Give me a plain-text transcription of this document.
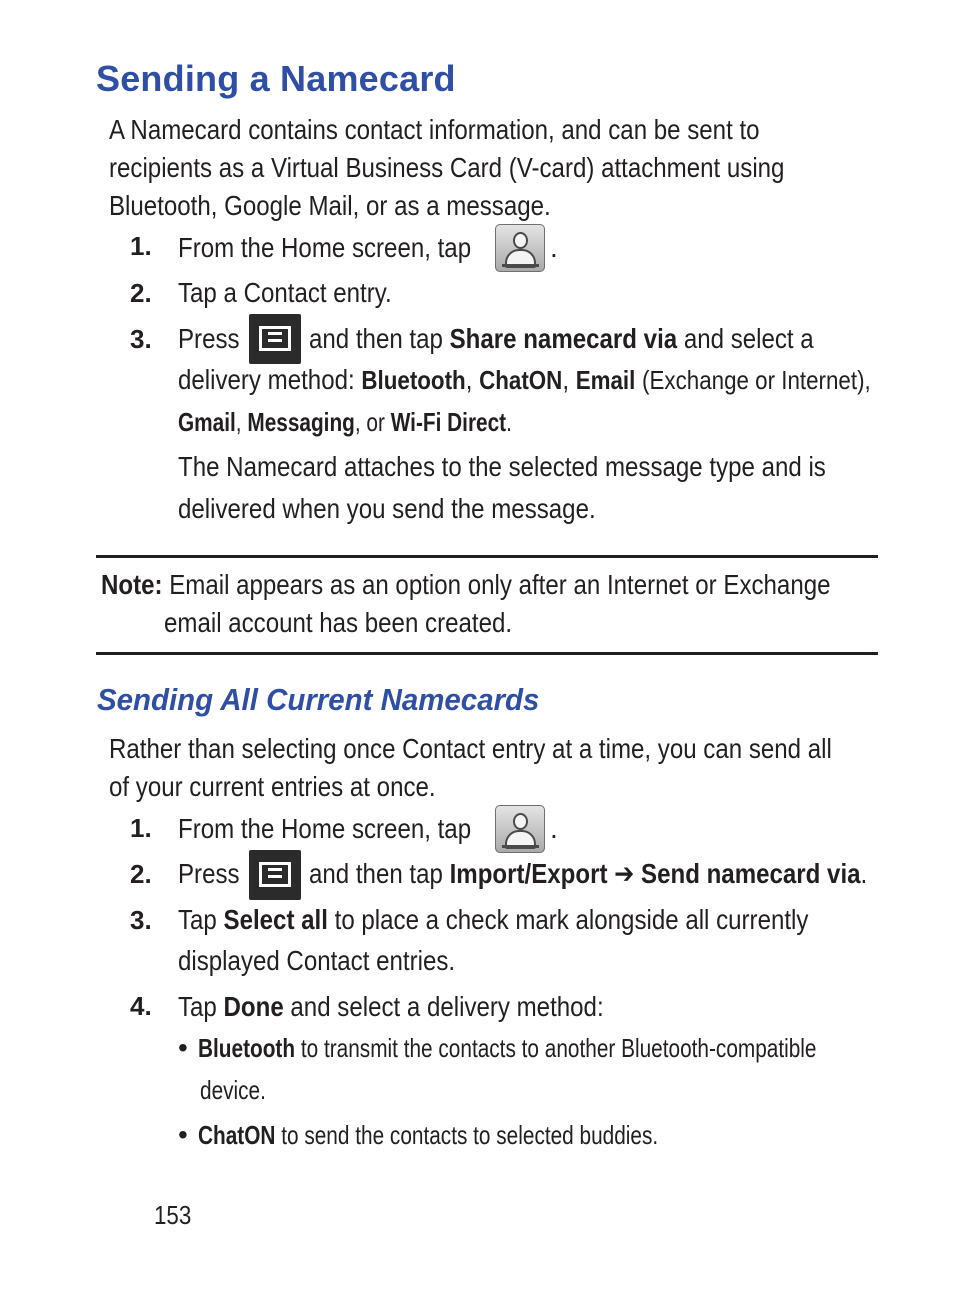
Sending a Namecard
A Namecard contains contact information, and can be sent to
recipients as a Virtual Business Card (V-card) attachment using
Bluetooth, Google Mail, or as a message.
1. From the Home screen, tap	.
2. Tap a Contact entry.
3. Press	and then tap Share namecard via and select a
delivery method: Bluetooth, ChatON, Email (Exchange or Internet),
Gmail, Messaging, or Wi-Fi Direct.
The Namecard attaches to the selected message type and is
delivered when you send the message.
Note: Email appears as an option only after an Internet or Exchange
email account has been created.
Sending All Current Namecards
Rather than selecting once Contact entry at a time, you can send all
of your current entries at once.
1. From the Home screen, tap	.
2. Press	and then tap Import/Export ➔ Send namecard via.
3. Tap Select all to place a check mark alongside all currently
displayed Contact entries.
4. Tap Done and select a delivery method:
• Bluetooth to transmit the contacts to another Bluetooth-compatible
device.
• ChatON to send the contacts to selected buddies.
153
